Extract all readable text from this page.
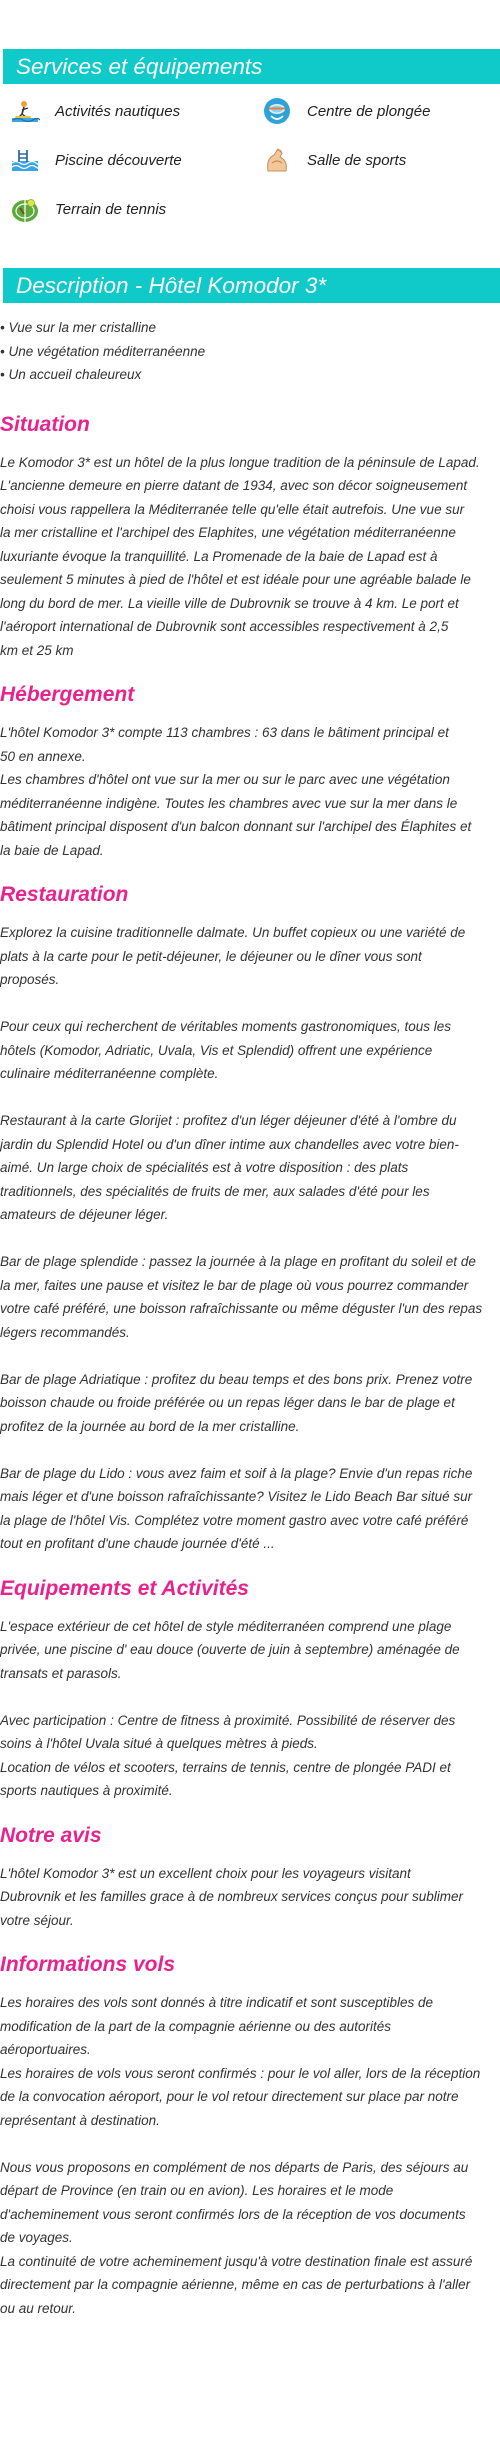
Services et équipements
Activités nautiques	Centre de plongée
Piscine découverte	Salle de sports
Terrain de tennis
Description - Hôtel Komodor 3*
• Vue sur la mer cristalline
• Une végétation méditerranéenne
• Un accueil chaleureux
Situation

Le Komodor 3* est un hôtel de la plus longue tradition de la péninsule de Lapad.
L'ancienne demeure en pierre datant de 1934, avec son décor soigneusement
choisi vous rappellera la Méditerranée telle qu'elle était autrefois. Une vue sur
la mer cristalline et l'archipel des Elaphites, une végétation méditerranéenne
luxuriante évoque la tranquillité. La Promenade de la baie de Lapad est à
seulement 5 minutes à pied de l'hôtel et est idéale pour une agréable balade le
long du bord de mer. La vieille ville de Dubrovnik se trouve à 4 km. Le port et
l'aéroport international de Dubrovnik sont accessibles respectivement à 2,5
km et 25 km

Hébergement

L'hôtel Komodor 3* compte 113 chambres : 63 dans le bâtiment principal et
50 en annexe.
Les chambres d'hôtel ont vue sur la mer ou sur le parc avec une végétation
méditerranéenne indigène. Toutes les chambres avec vue sur la mer dans le
bâtiment principal disposent d'un balcon donnant sur l'archipel des Élaphites et
la baie de Lapad.

Restauration

Explorez la cuisine traditionnelle dalmate. Un buffet copieux ou une variété de
plats à la carte pour le petit-déjeuner, le déjeuner ou le dîner vous sont
proposés.

Pour ceux qui recherchent de véritables moments gastronomiques, tous les
hôtels (Komodor, Adriatic, Uvala, Vis et Splendid) offrent une expérience
culinaire méditerranéenne complète.

Restaurant à la carte Glorijet : profitez d'un léger déjeuner d'été à l'ombre du
jardin du Splendid Hotel ou d'un dîner intime aux chandelles avec votre bien-
aimé. Un large choix de spécialités est à votre disposition : des plats
traditionnels, des spécialités de fruits de mer, aux salades d'été pour les
amateurs de déjeuner léger.

Bar de plage splendide : passez la journée à la plage en profitant du soleil et de
la mer, faites une pause et visitez le bar de plage où vous pourrez commander
votre café préféré, une boisson rafraîchissante ou même déguster l'un des repas
légers recommandés.

Bar de plage Adriatique : profitez du beau temps et des bons prix. Prenez votre
boisson chaude ou froide préférée ou un repas léger dans le bar de plage et
profitez de la journée au bord de la mer cristalline.

Bar de plage du Lido : vous avez faim et soif à la plage? Envie d'un repas riche
mais léger et d'une boisson rafraîchissante? Visitez le Lido Beach Bar situé sur
la plage de l'hôtel Vis. Complétez votre moment gastro avec votre café préféré
tout en profitant d'une chaude journée d'été ...

Equipements et Activités

L'espace extérieur de cet hôtel de style méditerranéen comprend une plage
privée, une piscine d' eau douce (ouverte de juin à septembre) aménagée de
transats et parasols.

Avec participation : Centre de fitness à proximité. Possibilité de réserver des
soins à l'hôtel Uvala situé à quelques mètres à pieds.
Location de vélos et scooters, terrains de tennis, centre de plongée PADI et
sports nautiques à proximité.

Notre avis

L'hôtel Komodor 3* est un excellent choix pour les voyageurs visitant
Dubrovnik et les familles grace à de nombreux services conçus pour sublimer
votre séjour.

Informations vols

Les horaires des vols sont donnés à titre indicatif et sont susceptibles de
modification de la part de la compagnie aérienne ou des autorités
aéroportuaires.
Les horaires de vols vous seront confirmés : pour le vol aller, lors de la réception
de la convocation aéroport, pour le vol retour directement sur place par notre
représentant à destination.

Nous vous proposons en complément de nos départs de Paris, des séjours au
départ de Province (en train ou en avion). Les horaires et le mode
d'acheminement vous seront confirmés lors de la réception de vos documents
de voyages.
La continuité de votre acheminement jusqu'à votre destination finale est assuré
directement par la compagnie aérienne, même en cas de perturbations à l'aller
ou au retour.
